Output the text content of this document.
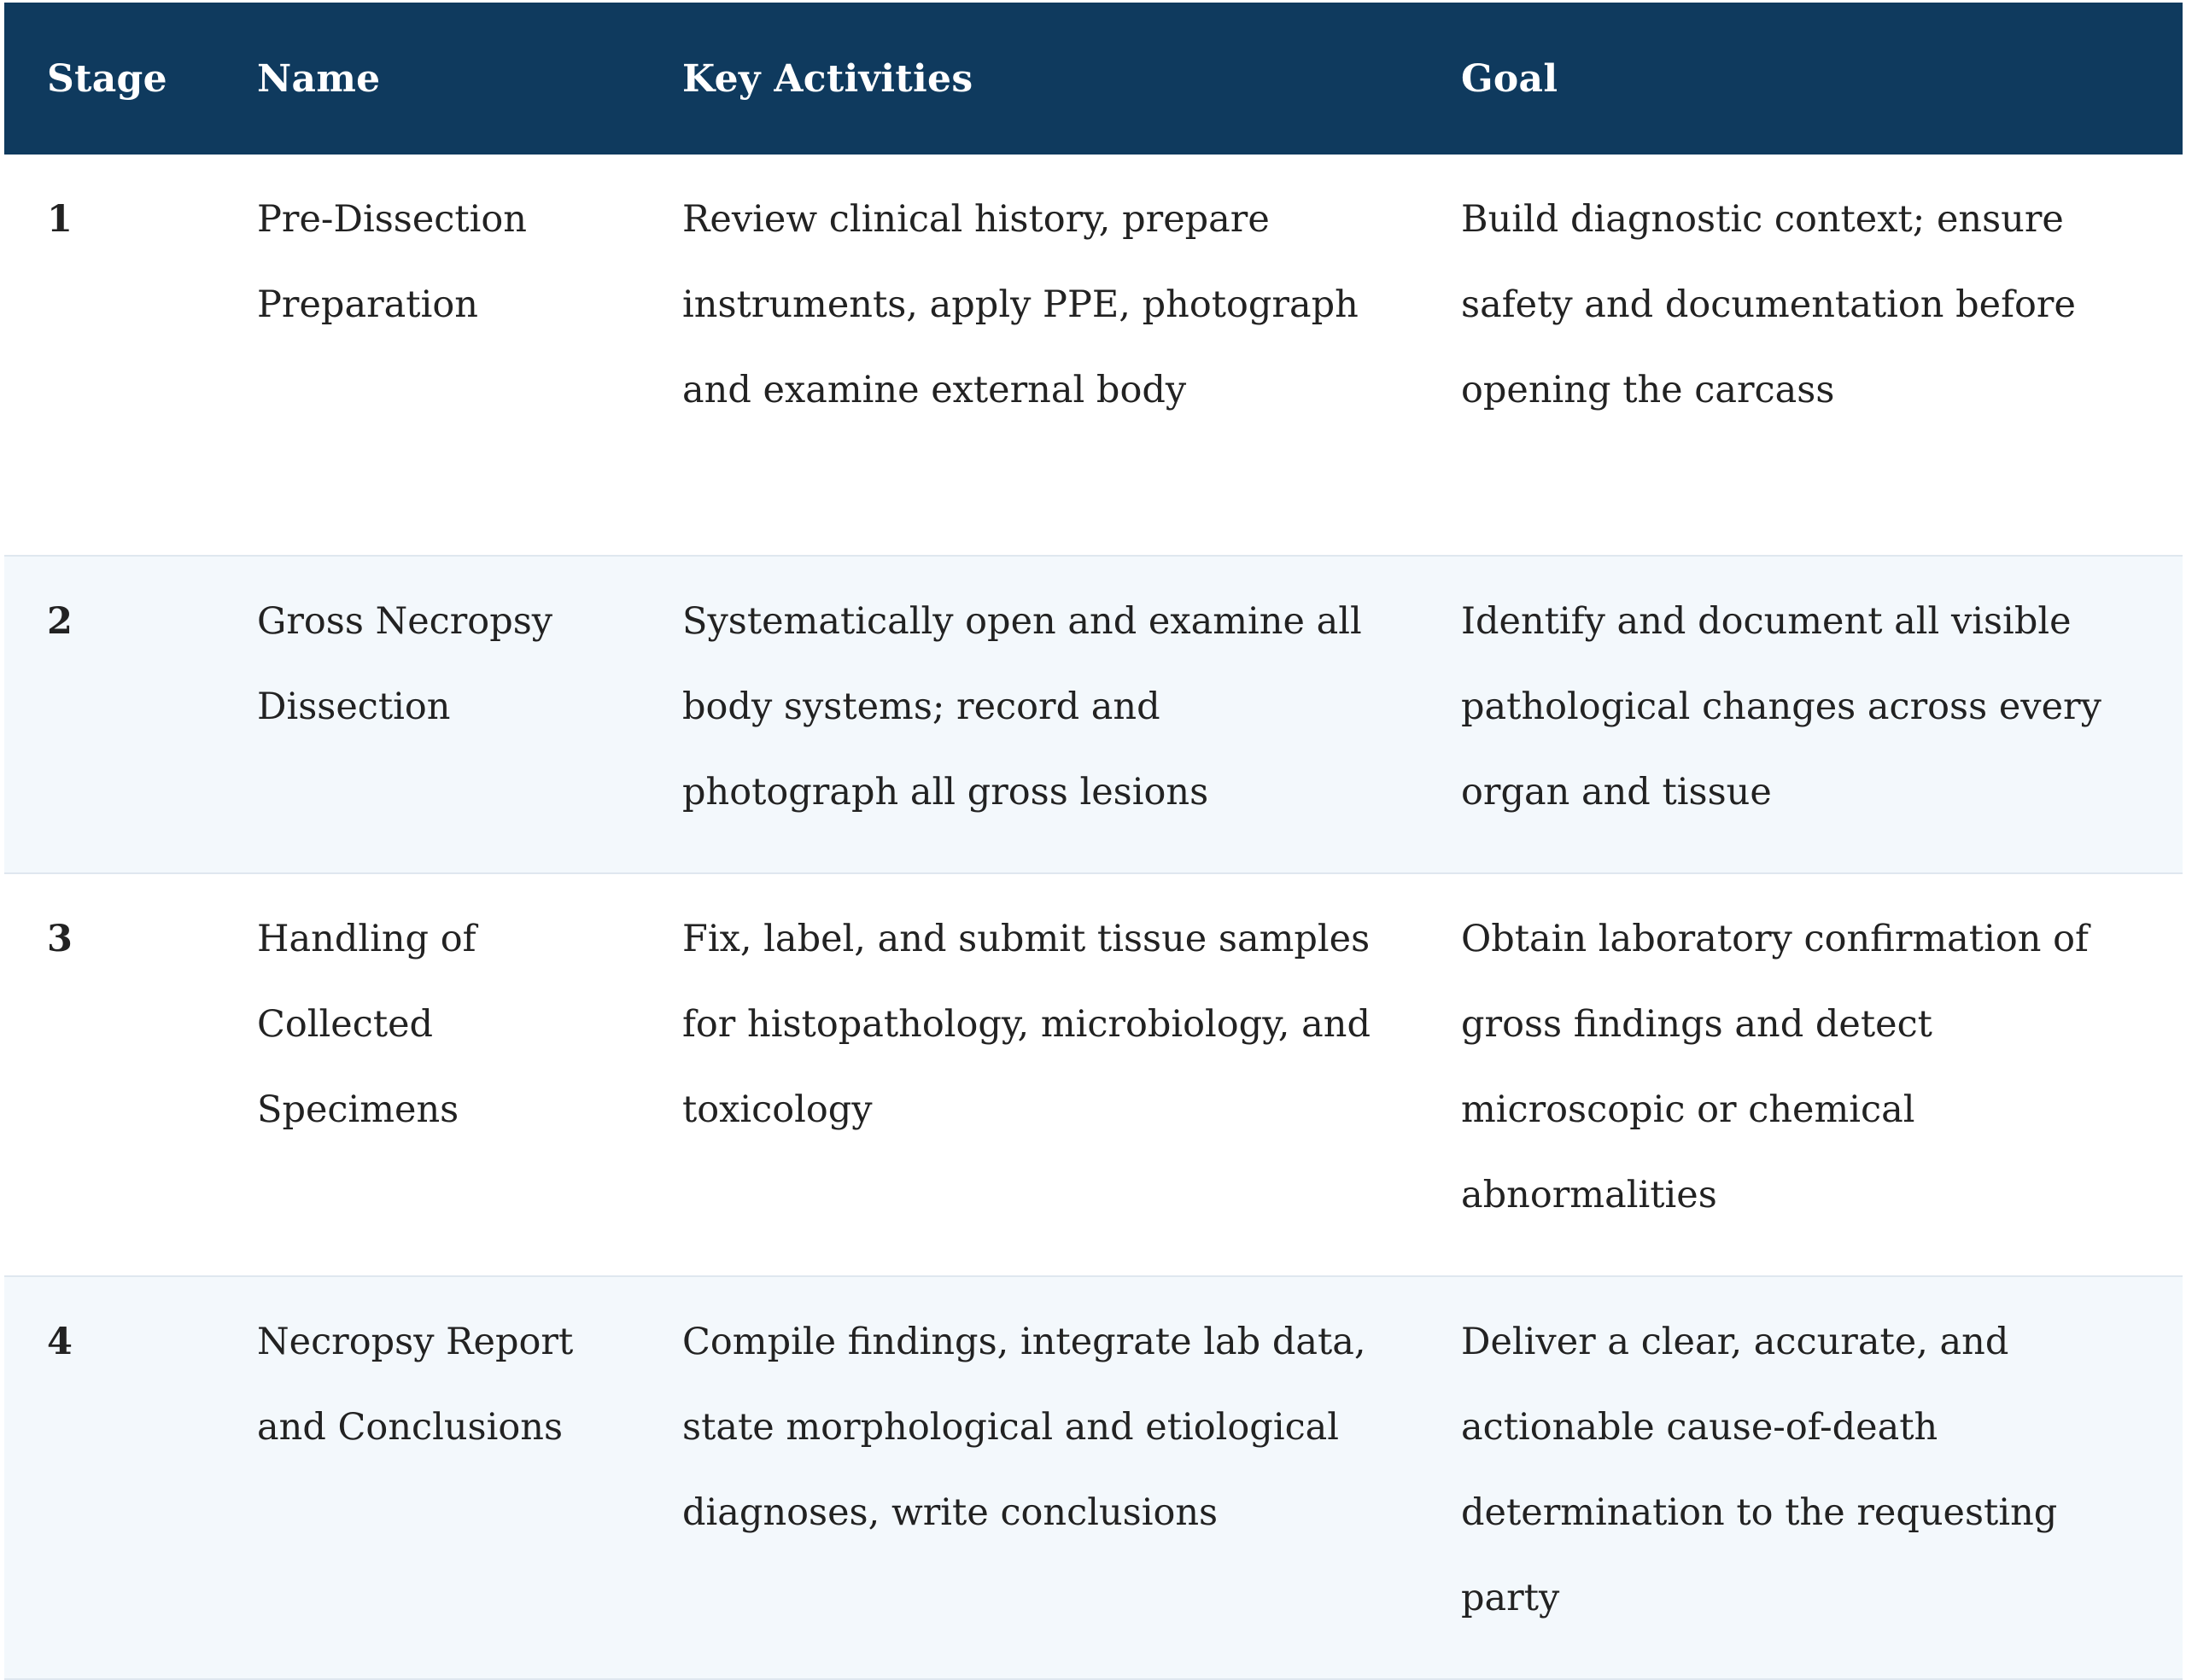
Stage	Name	Key Activities	Goal
1	Pre-Dissection Preparation	Review clinical history, prepare instruments, apply PPE, photograph and examine external body	Build diagnostic context; ensure safety and documentation before opening the carcass
2	Gross Necropsy Dissection	Systematically open and examine all body systems; record and photograph all gross lesions	Identify and document all visible pathological changes across every organ and tissue
3	Handling of Collected Specimens	Fix, label, and submit tissue samples for histopathology, microbiology, and toxicology	Obtain laboratory confirmation of gross findings and detect microscopic or chemical abnormalities
4	Necropsy Report and Conclusions	Compile findings, integrate lab data, state morphological and etiological diagnoses, write conclusions	Deliver a clear, accurate, and actionable cause-of-death determination to the requesting party
